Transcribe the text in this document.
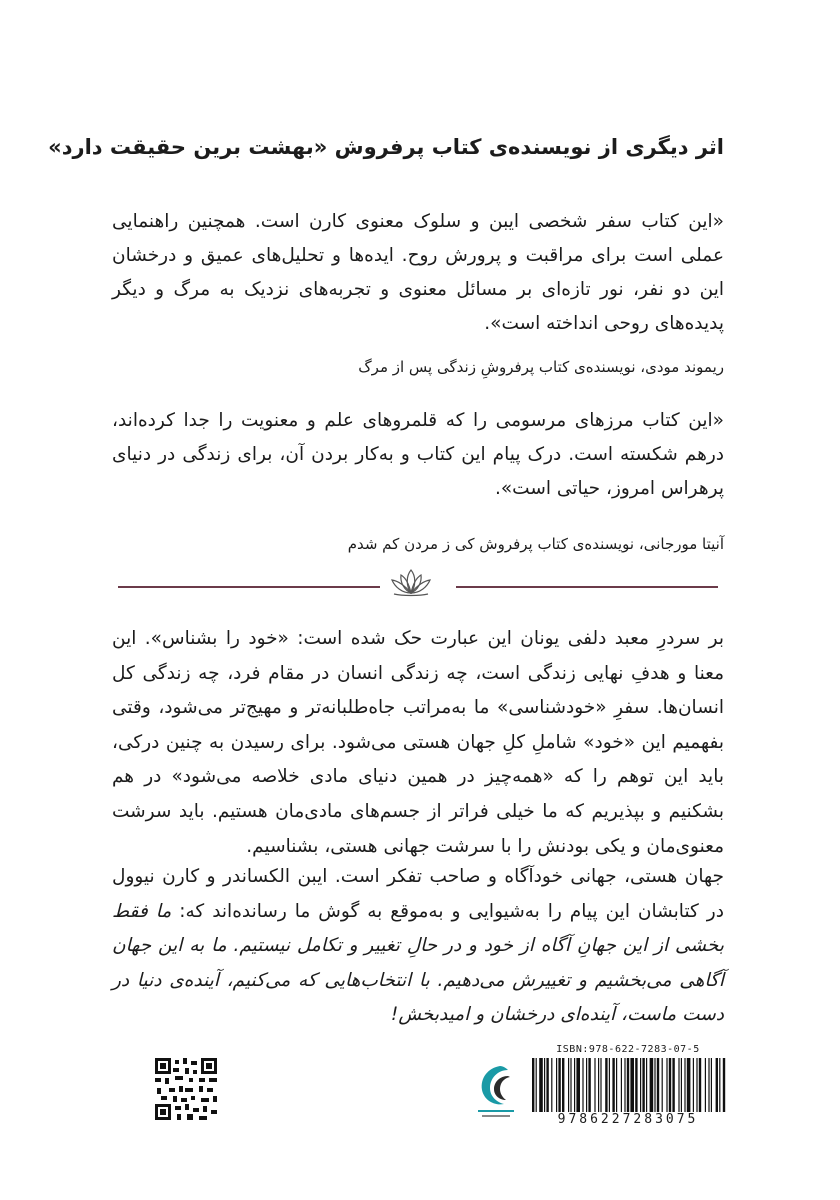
اثر دیگری از نویسنده‌ی کتاب پرفروش «بهشت برین حقیقت دارد»
«این کتاب سفر شخصی ایبن و سلوک معنوی کارن است. همچنین راهنمایی عملی است برای مراقبت و پرورش روح. ایده‌ها و تحلیل‌های عمیق و درخشان این دو نفر، نور تازه‌ای بر مسائل معنوی و تجربه‌های نزدیک به مرگ و دیگر پدیده‌های روحی انداخته است».
ریموند مودی، نویسنده‌ی کتاب پرفروشِ زندگی پس از مرگ
«این کتاب مرزهای مرسومی را که قلمروهای علم و معنویت را جدا کرده‌اند، درهم شکسته است. درک پیام این کتاب و به‌کار بردن آن، برای زندگی در دنیای پرهراس امروز، حیاتی است».
آنیتا مورجانی، نویسنده‌ی کتاب پرفروش کی ز مردن کم شدم
بر سردرِ معبد دلفی یونان این عبارت حک شده است: «خود را بشناس». این معنا و هدفِ نهایی زندگی است، چه زندگی انسان در مقام فرد، چه زندگی کل انسان‌ها. سفرِ «خودشناسی» ما به‌مراتب جاه‌طلبانه‌تر و مهیج‌تر می‌شود، وقتی بفهمیم این «خود» شاملِ کلِ جهان هستی می‌شود. برای رسیدن به چنین درکی، باید این توهم را که «همه‌چیز در همین دنیای مادی خلاصه می‌شود» در هم بشکنیم و بپذیریم که ما خیلی فراتر از جسم‌های مادی‌مان هستیم. باید سرشت معنوی‌مان و یکی بودنش را با سرشت جهانی هستی، بشناسیم.
جهان هستی، جهانی خودآگاه و صاحب تفکر است. ایبن الکساندر و کارن نیوول در کتابشان این پیام را به‌شیوایی و به‌موقع به گوش ما رسانده‌اند که: ما فقط بخشی از این جهانِ آگاه از خود و در حالِ تغییر و تکامل نیستیم. ما به این جهان آگاهی می‌بخشیم و تغییرش می‌دهیم. با انتخاب‌هایی که می‌کنیم، آینده‌ی دنیا در دست ماست، آینده‌ای درخشان و امیدبخش!
ISBN:978-622-7283-07-5
9786227283075
